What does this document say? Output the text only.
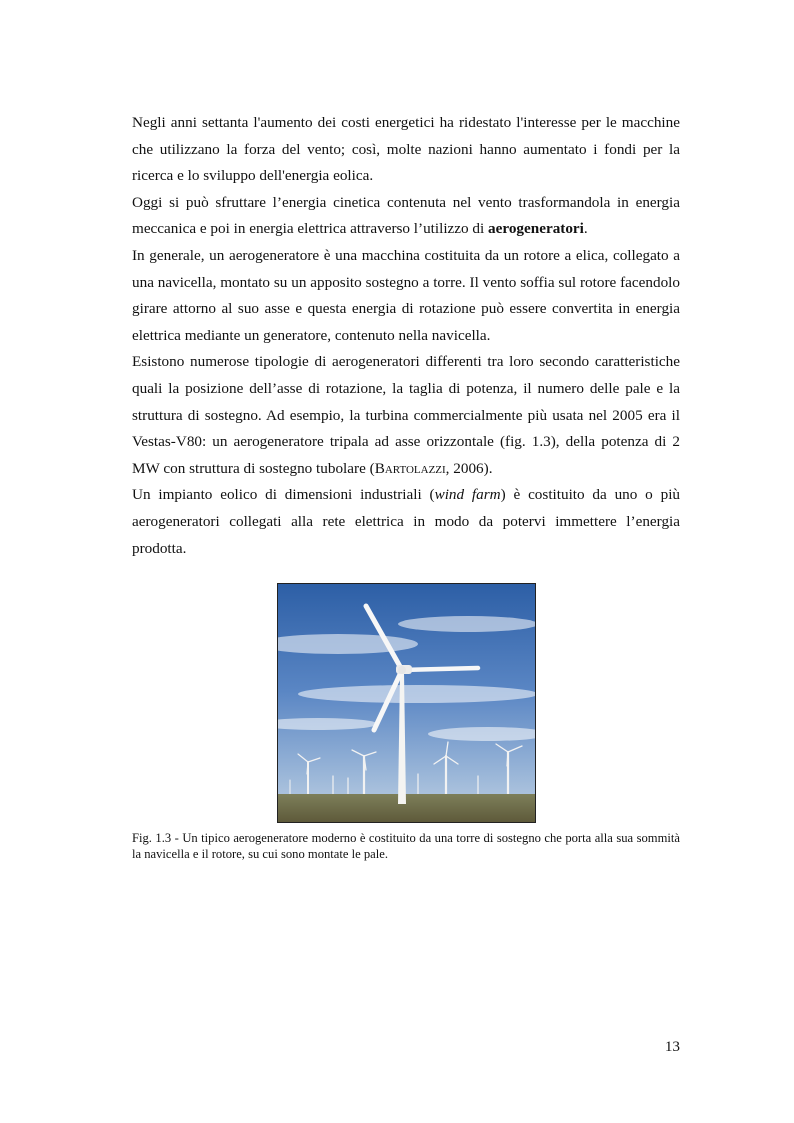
Negli anni settanta l'aumento dei costi energetici ha ridestato l'interesse per le macchine che utilizzano la forza del vento; così, molte nazioni hanno aumentato i fondi per la ricerca e lo sviluppo dell'energia eolica.

Oggi si può sfruttare l’energia cinetica contenuta nel vento trasformandola in energia meccanica e poi in energia elettrica attraverso l’utilizzo di aerogeneratori.

In generale, un aerogeneratore è una macchina costituita da un rotore a elica, collegato a una navicella, montato su un apposito sostegno a torre. Il vento soffia sul rotore facendolo girare attorno al suo asse e questa energia di rotazione può essere convertita in energia elettrica mediante un generatore, contenuto nella navicella.

Esistono numerose tipologie di aerogeneratori differenti tra loro secondo caratteristiche quali la posizione dell’asse di rotazione, la taglia di potenza, il numero delle pale e la struttura di sostegno. Ad esempio, la turbina commercialmente più usata nel 2005 era il Vestas-V80: un aerogeneratore tripala ad asse orizzontale (fig. 1.3), della potenza di 2 MW con struttura di sostegno tubolare (Bartolazzi, 2006).

Un impianto eolico di dimensioni industriali (wind farm) è costituito da uno o più aerogeneratori collegati alla rete elettrica in modo da potervi immettere l’energia prodotta.

Fig. 1.3 - Un tipico aerogeneratore moderno è costituito da una torre di sostegno che porta alla sua sommità la navicella e il rotore, su cui sono montate le pale.
13
